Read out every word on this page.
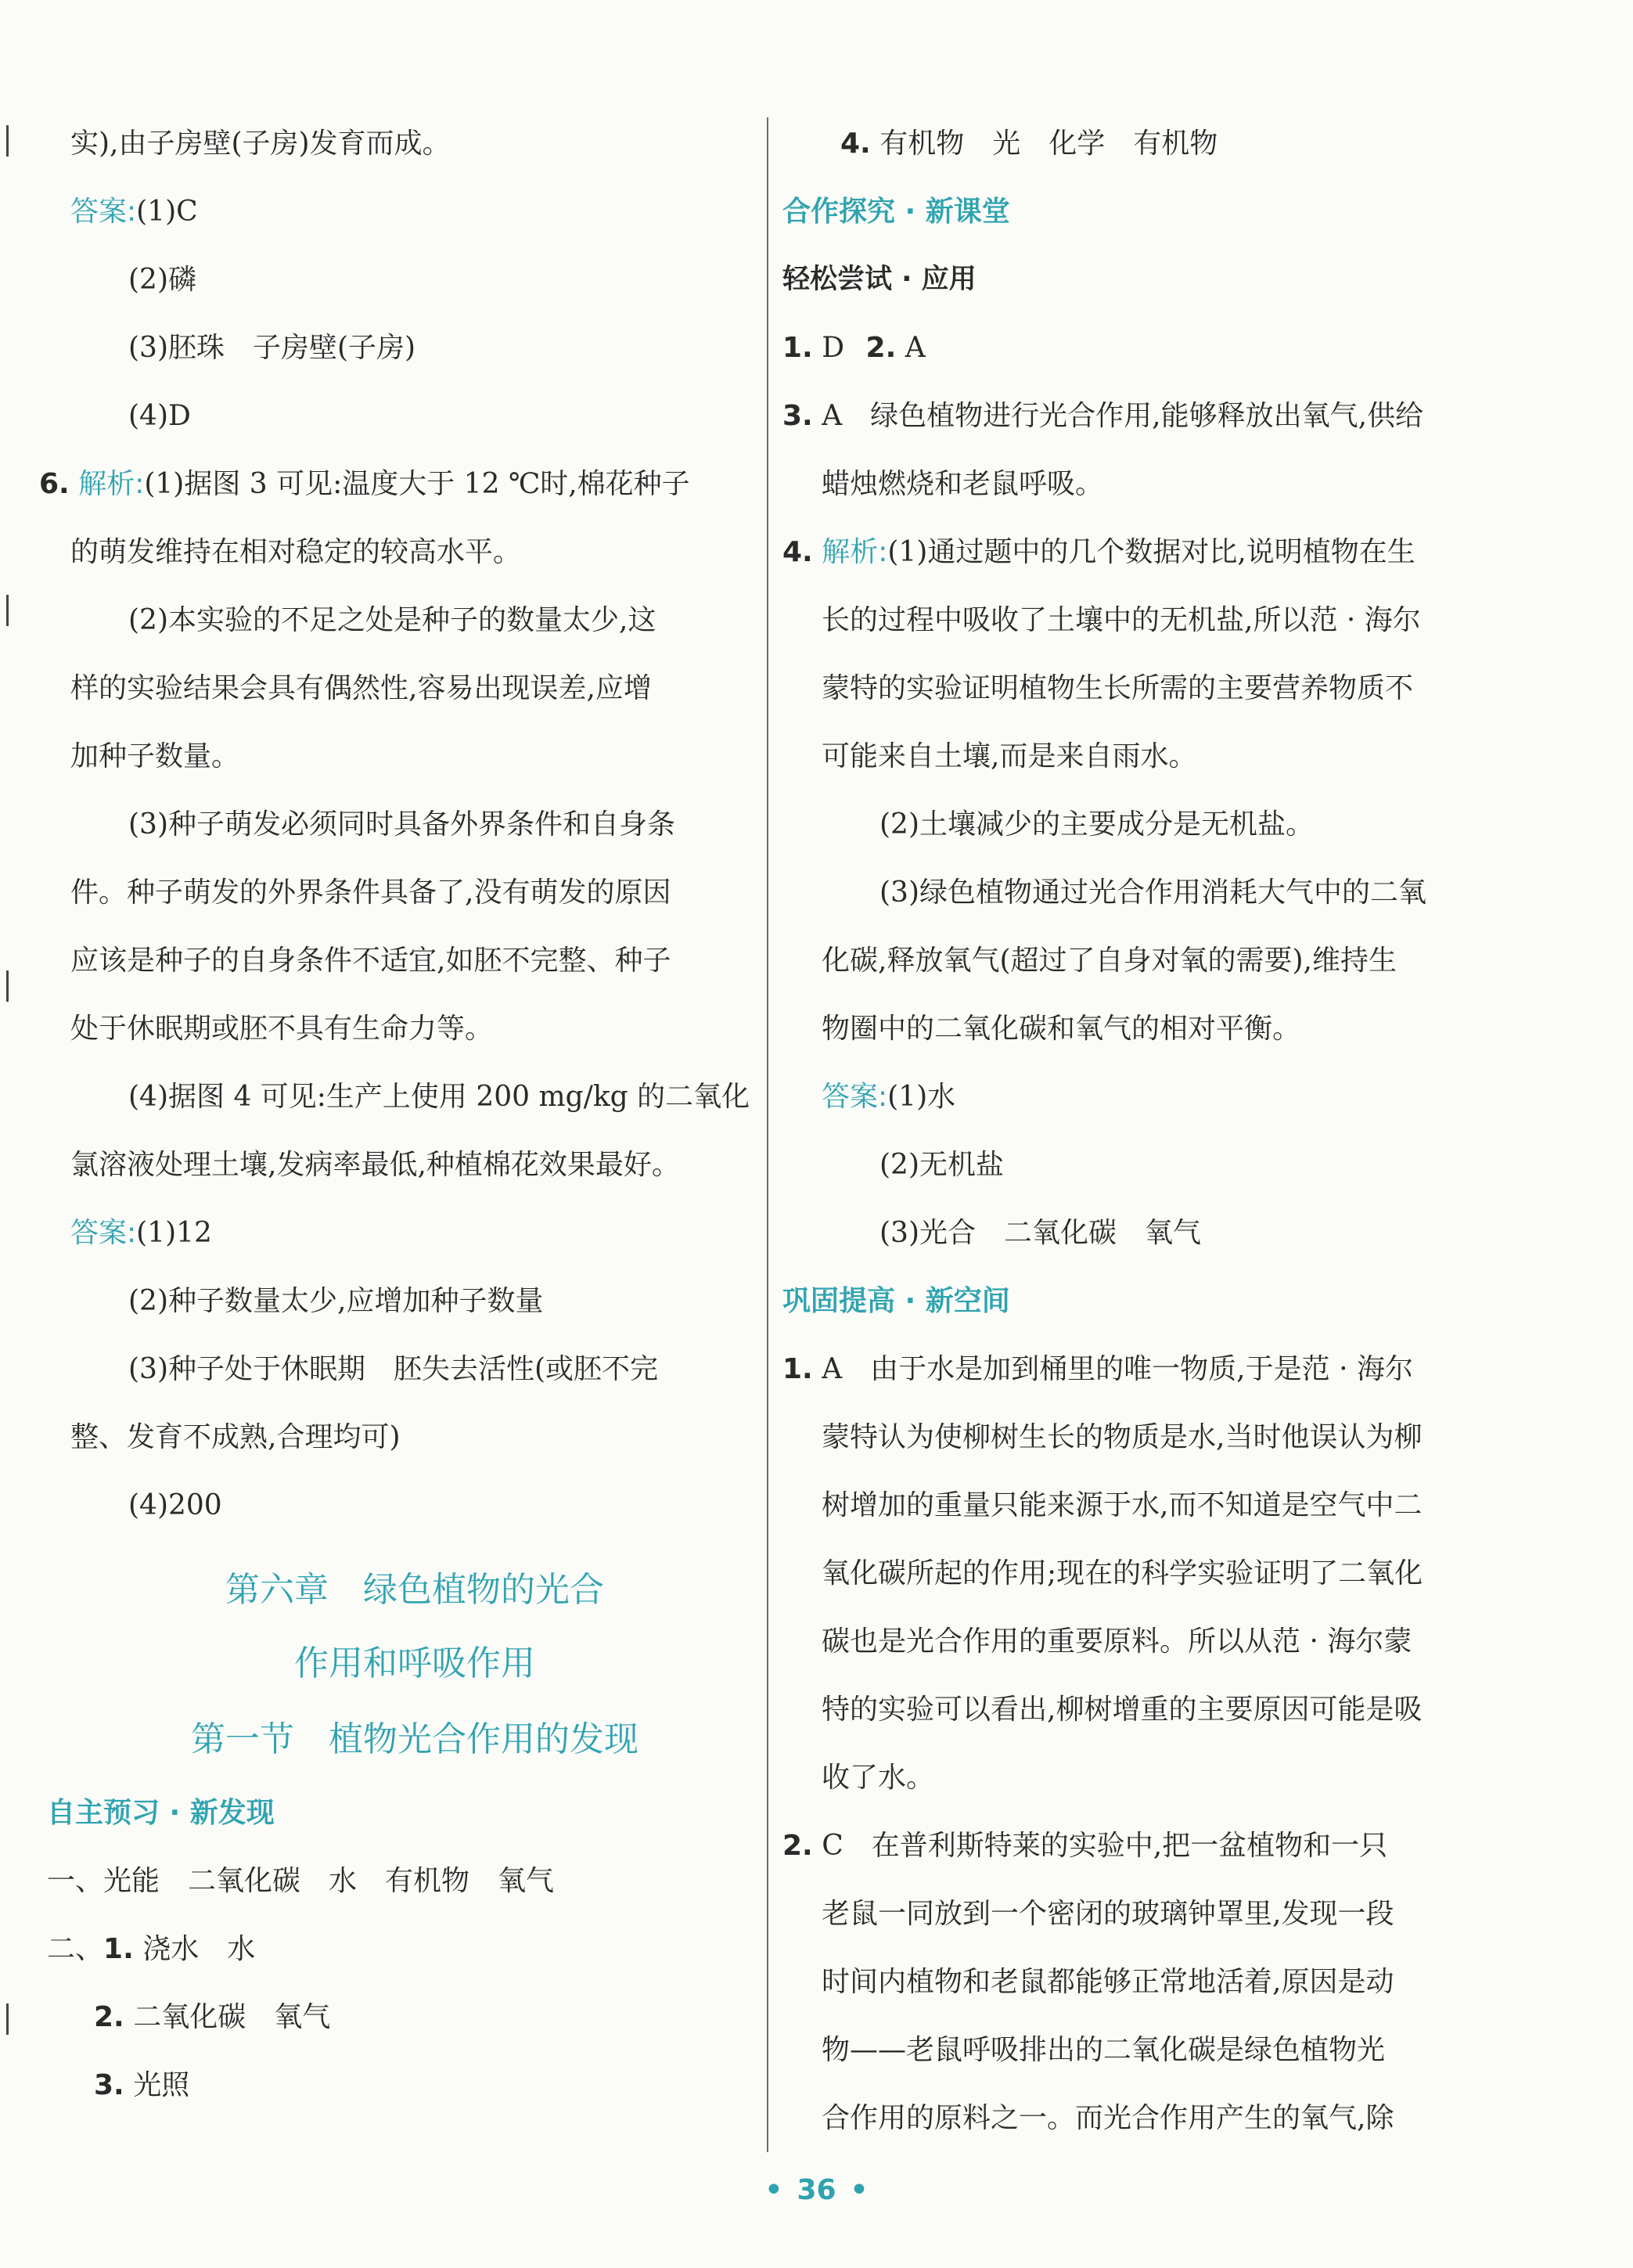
实),由子房壁(子房)发育而成。
答案:(1)C
(2)磷
(3)胚珠　子房壁(子房)
(4)D
6. 解析:(1)据图 3 可见:温度大于 12 ℃时,棉花种子
的萌发维持在相对稳定的较高水平。
(2)本实验的不足之处是种子的数量太少,这
样的实验结果会具有偶然性,容易出现误差,应增
加种子数量。
(3)种子萌发必须同时具备外界条件和自身条
件。种子萌发的外界条件具备了,没有萌发的原因
应该是种子的自身条件不适宜,如胚不完整、种子
处于休眠期或胚不具有生命力等。
(4)据图 4 可见:生产上使用 200 mg/kg 的二氧化
氯溶液处理土壤,发病率最低,种植棉花效果最好。
答案:(1)12
(2)种子数量太少,应增加种子数量
(3)种子处于休眠期　胚失去活性(或胚不完
整、发育不成熟,合理均可)
(4)200
第六章　绿色植物的光合
作用和呼吸作用
第一节　植物光合作用的发现
自主预习 · 新发现
一、光能　二氧化碳　水　有机物　氧气
二、1. 浇水　水
2. 二氧化碳　氧气
3. 光照
4. 有机物　光　化学　有机物
合作探究 · 新课堂
轻松尝试 · 应用
1. D 2. A
3. A　绿色植物进行光合作用,能够释放出氧气,供给
蜡烛燃烧和老鼠呼吸。
4. 解析:(1)通过题中的几个数据对比,说明植物在生
长的过程中吸收了土壤中的无机盐,所以范 · 海尔
蒙特的实验证明植物生长所需的主要营养物质不
可能来自土壤,而是来自雨水。
(2)土壤减少的主要成分是无机盐。
(3)绿色植物通过光合作用消耗大气中的二氧
化碳,释放氧气(超过了自身对氧的需要),维持生
物圈中的二氧化碳和氧气的相对平衡。
答案:(1)水
(2)无机盐
(3)光合　二氧化碳　氧气
巩固提高 · 新空间
1. A　由于水是加到桶里的唯一物质,于是范 · 海尔
蒙特认为使柳树生长的物质是水,当时他误认为柳
树增加的重量只能来源于水,而不知道是空气中二
氧化碳所起的作用;现在的科学实验证明了二氧化
碳也是光合作用的重要原料。所以从范 · 海尔蒙
特的实验可以看出,柳树增重的主要原因可能是吸
收了水。
2. C　在普利斯特莱的实验中,把一盆植物和一只
老鼠一同放到一个密闭的玻璃钟罩里,发现一段
时间内植物和老鼠都能够正常地活着,原因是动
物——老鼠呼吸排出的二氧化碳是绿色植物光
合作用的原料之一。而光合作用产生的氧气,除
• 36 •
